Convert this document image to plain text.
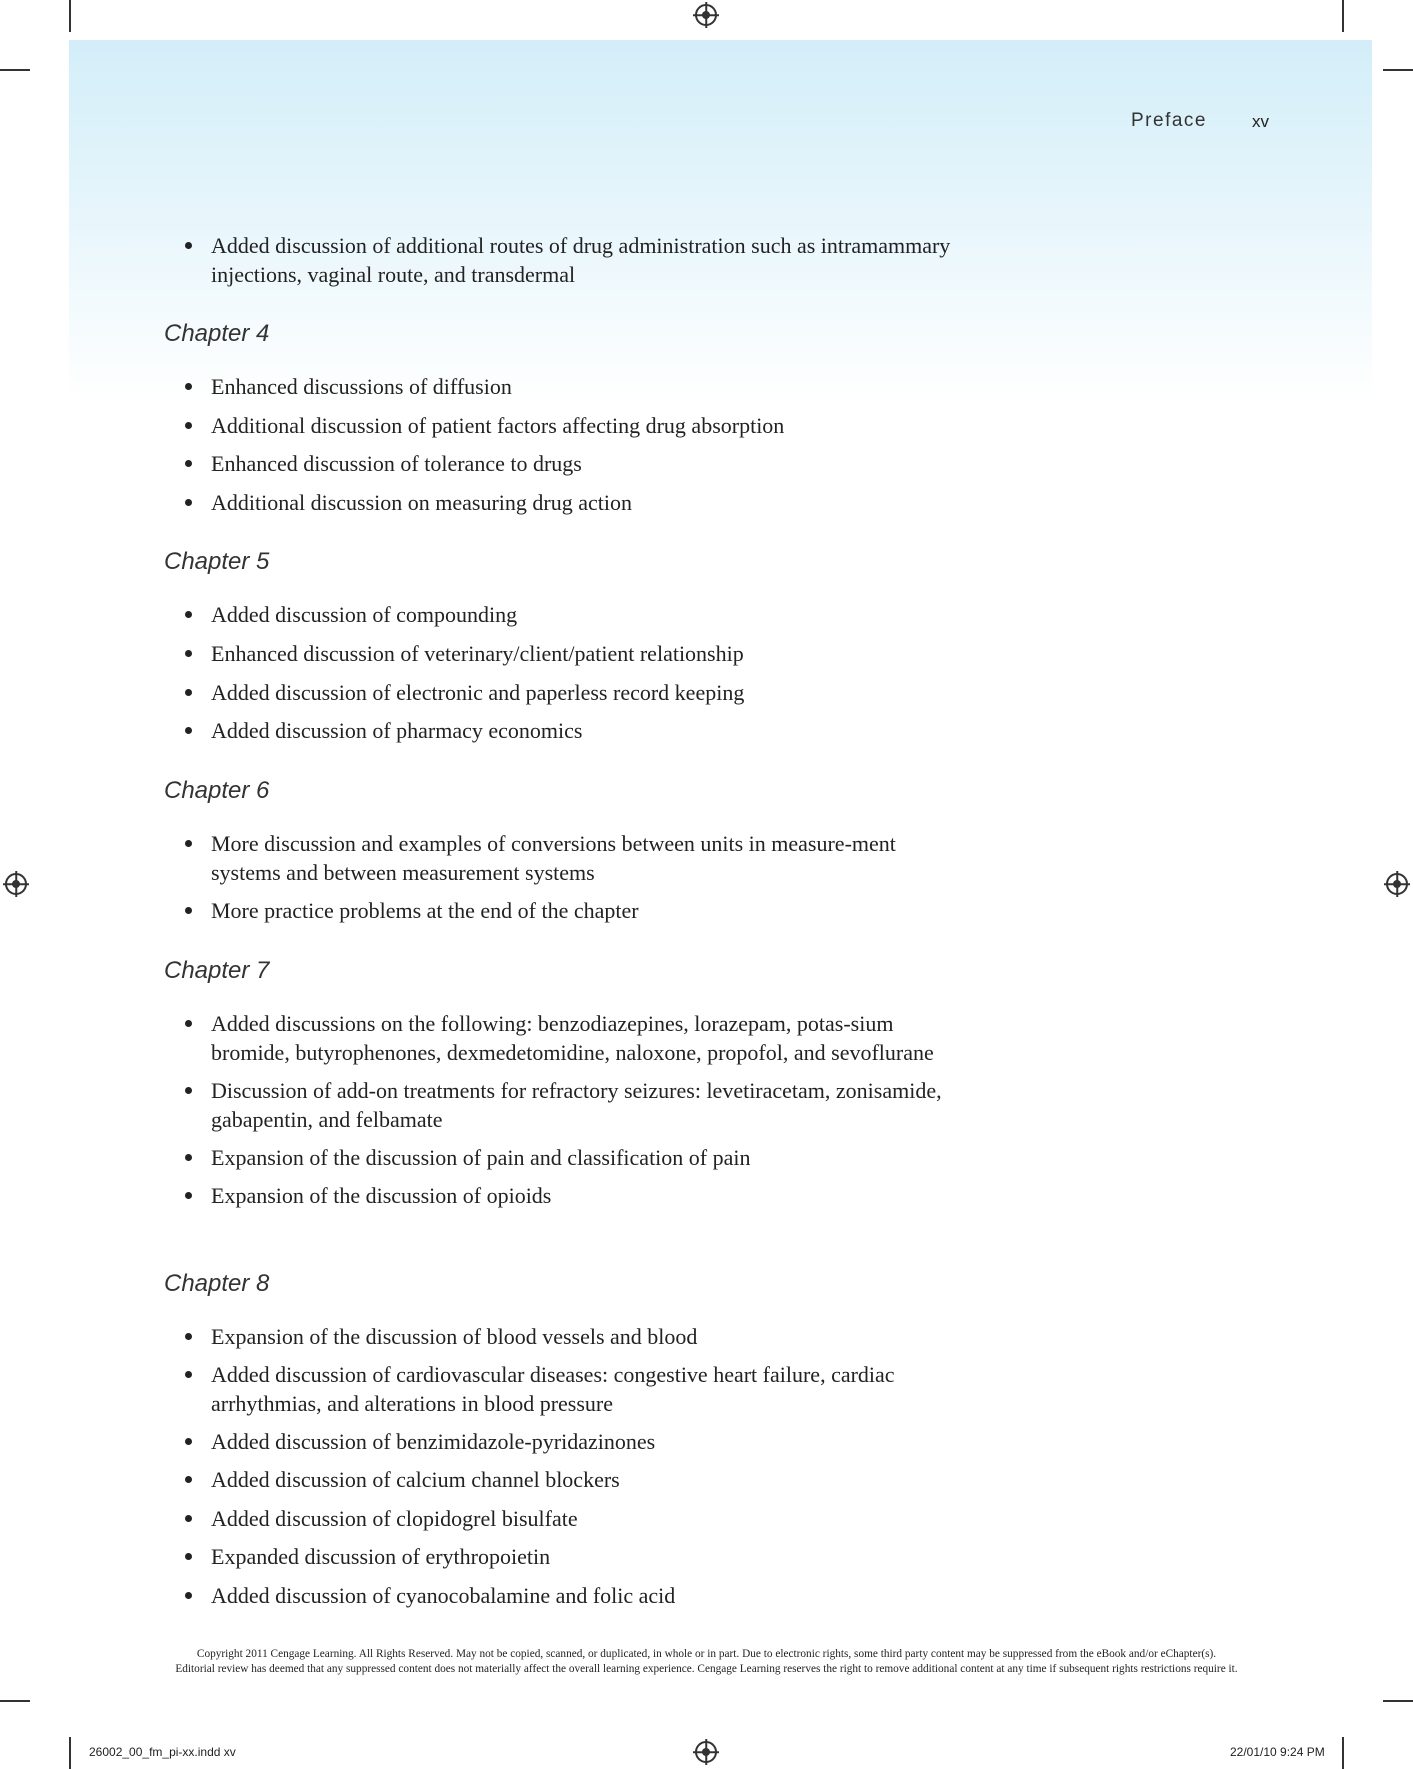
Preface	xv
Added discussion of additional routes of drug administration such as intramammary injections, vaginal route, and transdermal
Chapter 4
Enhanced discussions of diffusion
Additional discussion of patient factors affecting drug absorption
Enhanced discussion of tolerance to drugs
Additional discussion on measuring drug action
Chapter 5
Added discussion of compounding
Enhanced discussion of veterinary/client/patient relationship
Added discussion of electronic and paperless record keeping
Added discussion of pharmacy economics
Chapter 6
More discussion and examples of conversions between units in measure-ment systems and between measurement systems
More practice problems at the end of the chapter
Chapter 7
Added discussions on the following: benzodiazepines, lorazepam, potas-sium bromide, butyrophenones, dexmedetomidine, naloxone, propofol, and sevoflurane
Discussion of add-on treatments for refractory seizures: levetiracetam, zonisamide, gabapentin, and felbamate
Expansion of the discussion of pain and classification of pain
Expansion of the discussion of opioids
Chapter 8
Expansion of the discussion of blood vessels and blood
Added discussion of cardiovascular diseases: congestive heart failure, cardiac arrhythmias, and alterations in blood pressure
Added discussion of benzimidazole-pyridazinones
Added discussion of calcium channel blockers
Added discussion of clopidogrel bisulfate
Expanded discussion of erythropoietin
Added discussion of cyanocobalamine and folic acid
Copyright 2011 Cengage Learning. All Rights Reserved. May not be copied, scanned, or duplicated, in whole or in part. Due to electronic rights, some third party content may be suppressed from the eBook and/or eChapter(s).
Editorial review has deemed that any suppressed content does not materially affect the overall learning experience. Cengage Learning reserves the right to remove additional content at any time if subsequent rights restrictions require it.
26002_00_fm_pi-xx.indd xv	22/01/10 9:24 PM
